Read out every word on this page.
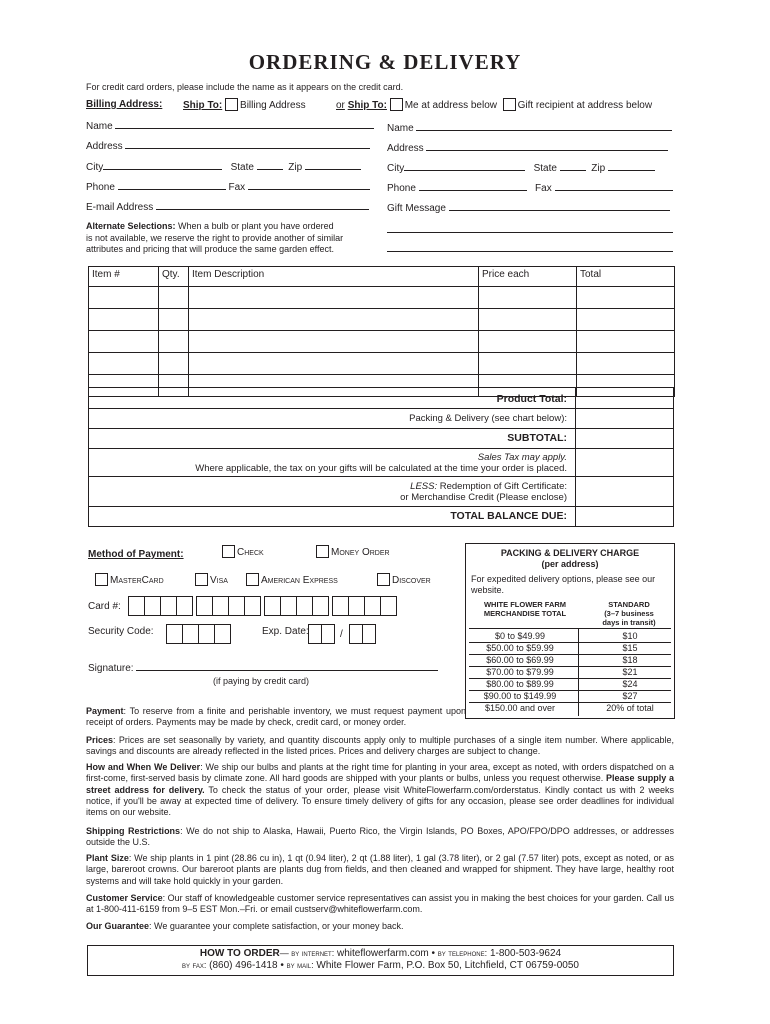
ORDERING & DELIVERY
For credit card orders, please include the name as it appears on the credit card.
Billing Address: Ship To: Billing Address	or Ship To: Me at address below Gift recipient at address below
Name
Address
City	State	Zip
Phone	Fax
E-mail Address
Name
Address
City	State	Zip
Phone	Fax
Gift Message
Alternate Selections: When a bulb or plant you have ordered
is not available, we reserve the right to provide another of similar
attributes and pricing that will produce the same garden effect.
Item #	Qty.	Item Description	Price each	Total

Product Total:
Packing & Delivery (see chart below):
SUBTOTAL:
Sales Tax may apply.
Where applicable, the tax on your gifts will be calculated at the time your order is placed.
LESS: Redemption of Gift Certificate:
or Merchandise Credit (Please enclose)
TOTAL BALANCE DUE:
Method of Payment:	Check	Money Order
MasterCard	Visa	American Express	Discover
Card #:
Security Code:	Exp. Date:	/
Signature:
(if paying by credit card)
PACKING & DELIVERY CHARGE
(per address)
For expedited delivery options, please see our website.
WHITE FLOWER FARM
MERCHANDISE TOTAL
STANDARD
(3–7 business
days in transit)
$0 to $49.99	$10
$50.00 to $59.99	$15
$60.00 to $69.99	$18
$70.00 to $79.99	$21
$80.00 to $89.99	$24
$90.00 to $149.99	$27
$150.00 and over	20% of total
Payment: To reserve from a finite and perishable inventory, we must request payment upon receipt of orders. Payments may be made by check, credit card, or money order.
Prices: Prices are set seasonally by variety, and quantity discounts apply only to multiple purchases of a single item number. Where applicable, savings and discounts are already reflected in the listed prices. Prices and delivery charges are subject to change.
How and When We Deliver: We ship our bulbs and plants at the right time for planting in your area, except as noted, with orders dispatched on a first-come, first-served basis by climate zone. All hard goods are shipped with your plants or bulbs, unless you request otherwise. Please supply a street address for delivery. To check the status of your order, please visit WhiteFlowerfarm.com/orderstatus. Kindly contact us with 2 weeks notice, if you'll be away at expected time of delivery. To ensure timely delivery of gifts for any occasion, please see order deadlines for individual items on our website.
Shipping Restrictions: We do not ship to Alaska, Hawaii, Puerto Rico, the Virgin Islands, PO Boxes, APO/FPO/DPO addresses, or addresses outside the U.S.
Plant Size: We ship plants in 1 pint (28.86 cu in), 1 qt (0.94 liter), 2 qt (1.88 liter), 1 gal (3.78 liter), or 2 gal (7.57 liter) pots, except as noted, or as large, bareroot crowns. Our bareroot plants are plants dug from fields, and then cleaned and wrapped for shipment. They have large, healthy root systems and will take hold quickly in your garden.
Customer Service: Our staff of knowledgeable customer service representatives can assist you in making the best choices for your garden. Call us at 1-800-411-6159 from 9–5 EST Mon.–Fri. or email custserv@whiteflowerfarm.com.
Our Guarantee: We guarantee your complete satisfaction, or your money back.
HOW TO ORDER— by internet: whiteflowerfarm.com • by telephone: 1-800-503-9624
by fax: (860) 496-1418 • by mail: White Flower Farm, P.O. Box 50, Litchfield, CT 06759-0050
